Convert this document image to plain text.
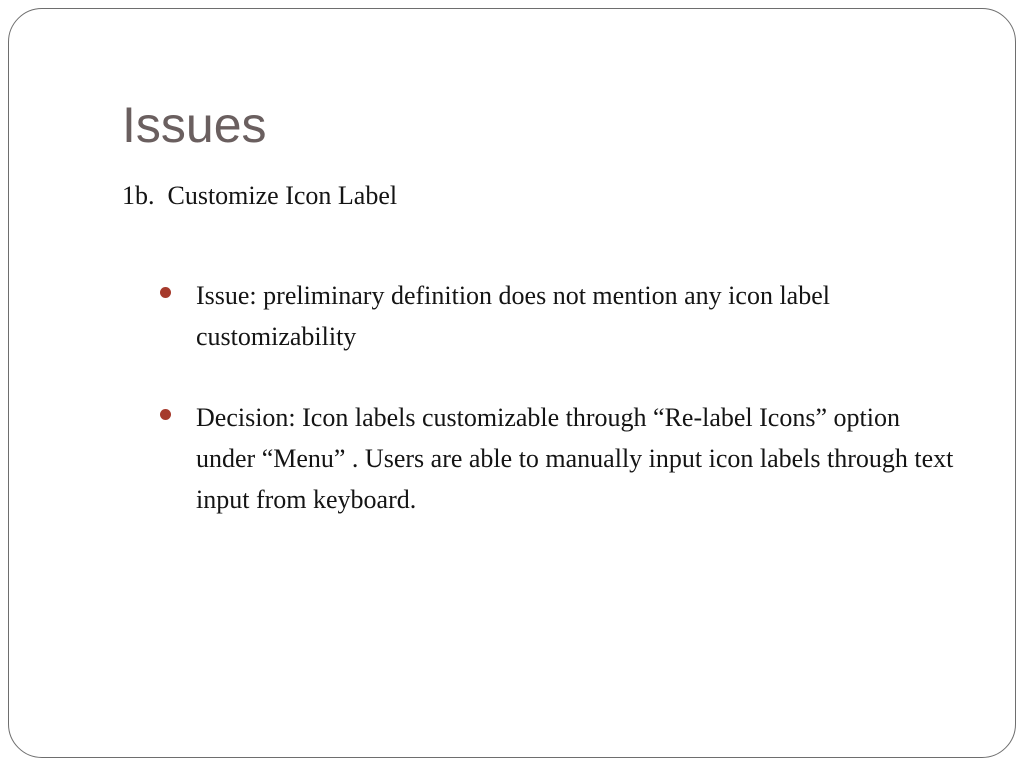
Issues

1b.  Customize Icon Label

Issue: preliminary definition does not mention any icon label customizability
Decision: Icon labels customizable through “Re-label Icons” option under “Menu” . Users are able to manually input icon labels through text input from keyboard.
